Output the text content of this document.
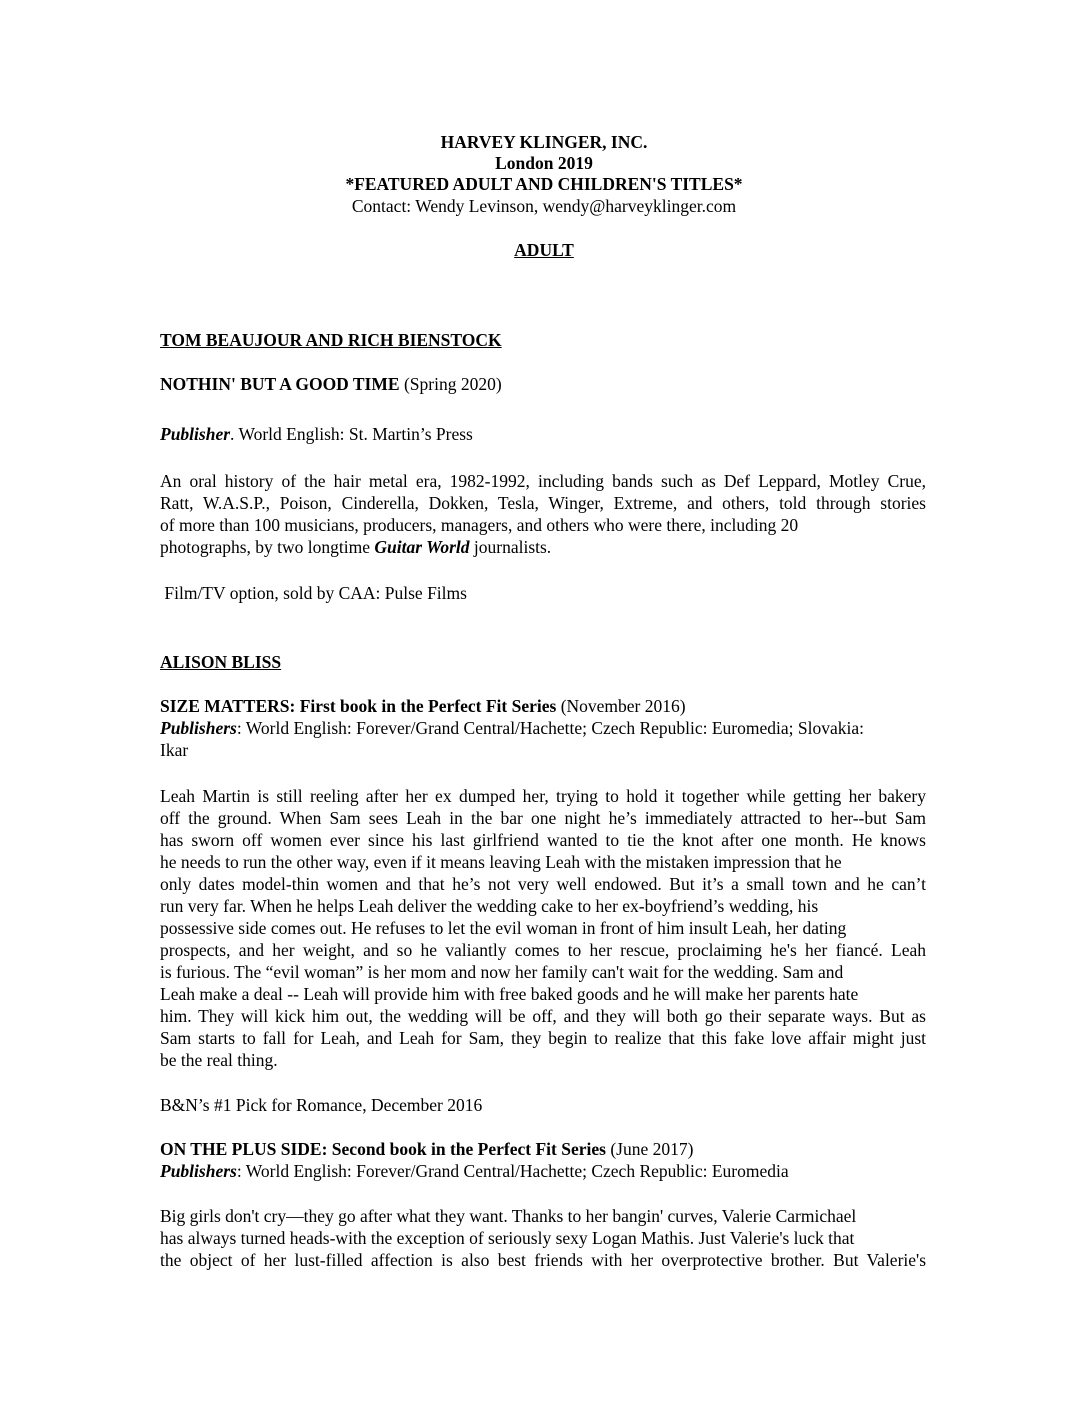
HARVEY KLINGER, INC.
London 2019
*FEATURED ADULT AND CHILDREN'S TITLES*
Contact: Wendy Levinson, wendy@harveyklinger.com
ADULT
TOM BEAUJOUR AND RICH BIENSTOCK
NOTHIN' BUT A GOOD TIME (Spring 2020)
Publisher. World English: St. Martin’s Press
An oral history of the hair metal era, 1982-1992, including bands such as Def Leppard, Motley Crue,
Ratt, W.A.S.P., Poison, Cinderella, Dokken, Tesla, Winger, Extreme, and others, told through stories
of more than 100 musicians, producers, managers, and others who were there, including 20
photographs, by two longtime Guitar World journalists.
Film/TV option, sold by CAA: Pulse Films
ALISON BLISS
SIZE MATTERS: First book in the Perfect Fit Series (November 2016)
Publishers: World English: Forever/Grand Central/Hachette; Czech Republic: Euromedia; Slovakia:
Ikar
Leah Martin is still reeling after her ex dumped her, trying to hold it together while getting her bakery
off the ground. When Sam sees Leah in the bar one night he’s immediately attracted to her--but Sam
has sworn off women ever since his last girlfriend wanted to tie the knot after one month. He knows
he needs to run the other way, even if it means leaving Leah with the mistaken impression that he
only dates model-thin women and that he’s not very well endowed. But it’s a small town and he can’t
run very far. When he helps Leah deliver the wedding cake to her ex-boyfriend’s wedding, his
possessive side comes out. He refuses to let the evil woman in front of him insult Leah, her dating
prospects, and her weight, and so he valiantly comes to her rescue, proclaiming he's her fiancé. Leah
is furious. The “evil woman” is her mom and now her family can't wait for the wedding. Sam and
Leah make a deal -- Leah will provide him with free baked goods and he will make her parents hate
him. They will kick him out, the wedding will be off, and they will both go their separate ways. But as
Sam starts to fall for Leah, and Leah for Sam, they begin to realize that this fake love affair might just
be the real thing.
B&N’s #1 Pick for Romance, December 2016
ON THE PLUS SIDE: Second book in the Perfect Fit Series (June 2017)
Publishers: World English: Forever/Grand Central/Hachette; Czech Republic: Euromedia
Big girls don't cry—they go after what they want. Thanks to her bangin' curves, Valerie Carmichael
has always turned heads-with the exception of seriously sexy Logan Mathis. Just Valerie's luck that
the object of her lust-filled affection is also best friends with her overprotective brother. But Valerie's
